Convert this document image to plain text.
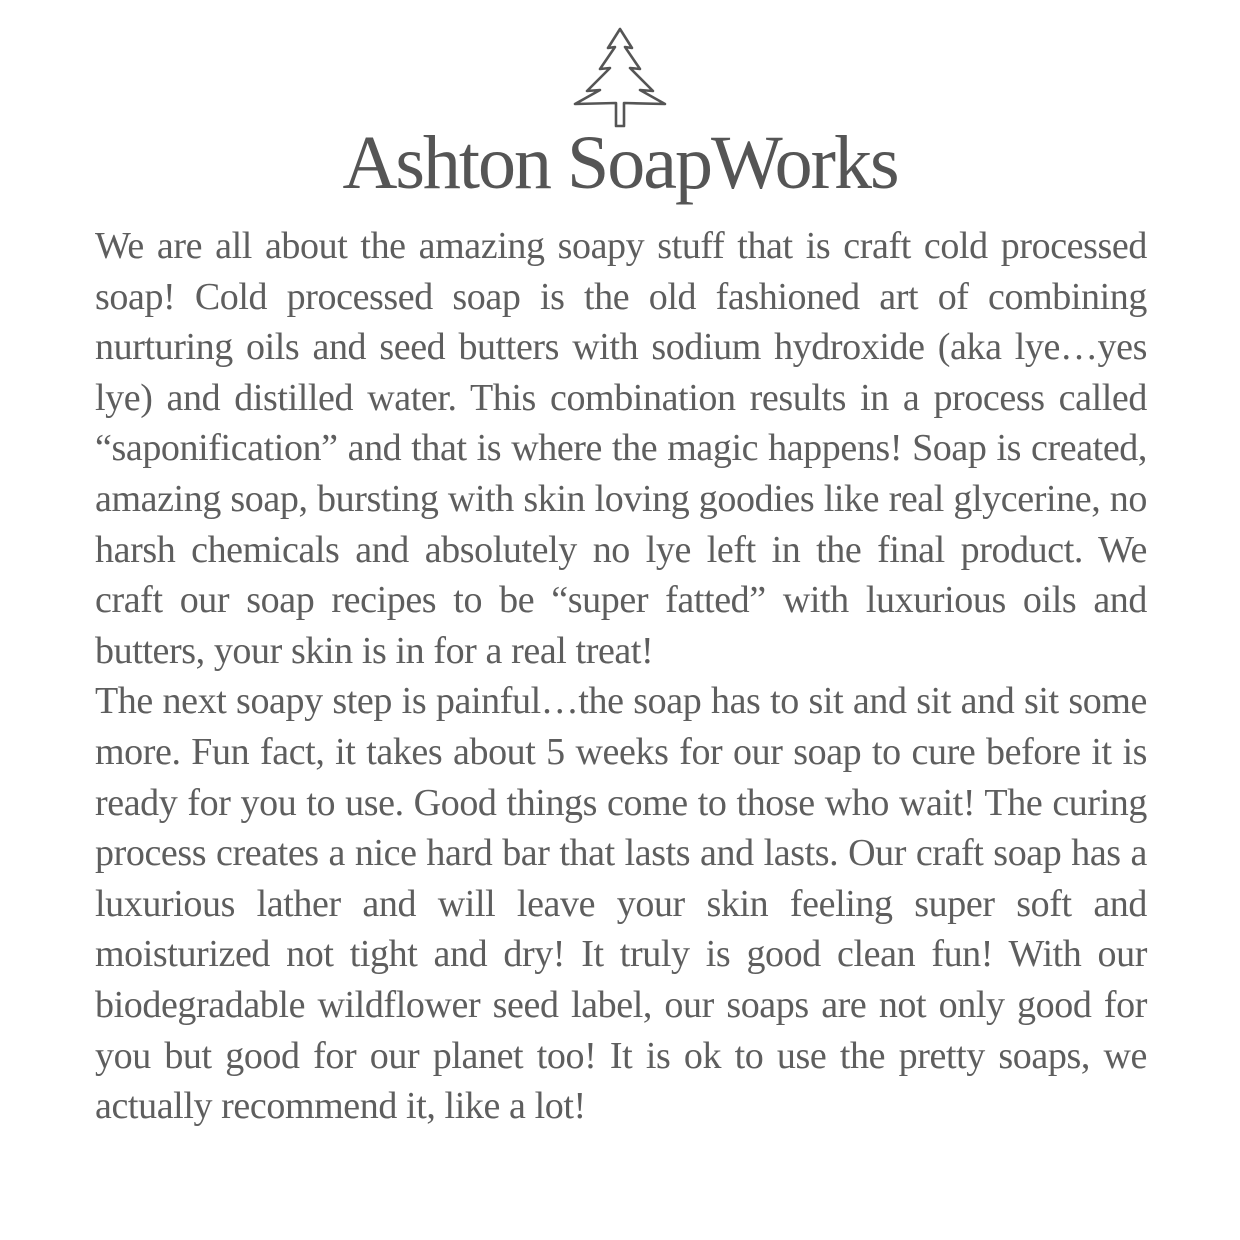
Ashton SoapWorks

We are all about the amazing soapy stuff that is craft cold processed soap! Cold processed soap is the old fashioned art of combining nurturing oils and seed butters with sodium hydroxide (aka lye…yes lye) and distilled water. This combination results in a process called “saponification” and that is where the magic happens! Soap is created, amazing soap, bursting with skin loving goodies like real glycerine, no harsh chemicals and absolutely no lye left in the final product. We craft our soap recipes to be “super fatted” with luxurious oils and butters, your skin is in for a real treat!

The next soapy step is painful…the soap has to sit and sit and sit some more. Fun fact, it takes about 5 weeks for our soap to cure before it is ready for you to use. Good things come to those who wait! The curing process creates a nice hard bar that lasts and lasts. Our craft soap has a luxurious lather and will leave your skin feeling super soft and moisturized not tight and dry! It truly is good clean fun! With our biodegradable wildflower seed label, our soaps are not only good for you but good for our planet too! It is ok to use the pretty soaps, we actually recommend it, like a lot!
